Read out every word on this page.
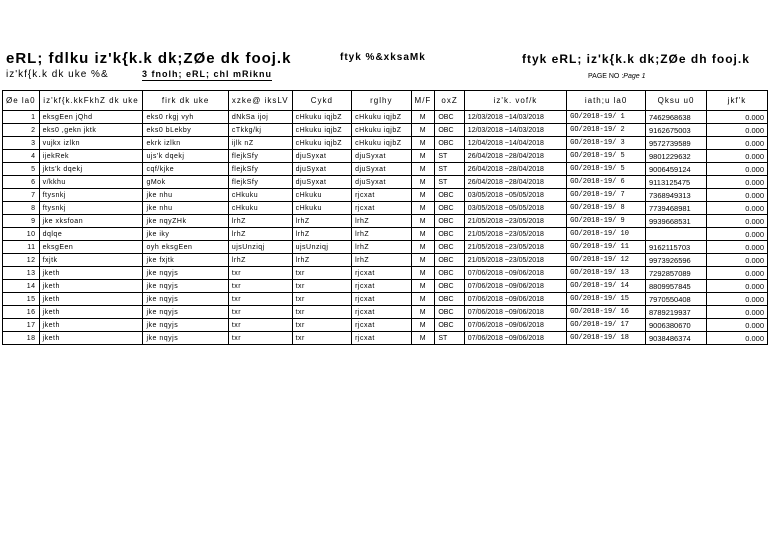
eRL; fdlku iz'k{k.k dk;ZØe dk fooj.k
iz'kf{k.k dk uke %&	3 fnolh; eRL; chl mRiknu
ftyk %&xksaMk	ftyk eRL; iz'k{k.k dk;ZØe dh fooj.k
PAGE NO :Page 1
Øe la0	iz'kf{k.kkFkhZ dk uke	firk dk uke	xzke@ iksLV	Cykd	rglhy	M/F	oxZ	iz'k. vof/k	iath;u la0	Qksu u0	jkf'k
1	eksgEen jQhd	eks0 rkgj vyh	dNkSa ijoj	cHkuku iqjbZ	cHkuku iqjbZ	M	OBC	12/03/2018 ~14/03/2018	GO/2018-19/ 1	7462968638	0.000
2	eks0 ,gekn jktk	eks0 bLekby	cTkkg/kj	cHkuku iqjbZ	cHkuku iqjbZ	M	OBC	12/03/2018 ~14/03/2018	GO/2018-19/ 2	9162675003	0.000
3	vujkx izlkn	ekrk izlkn	ijlk nZ	cHkuku iqjbZ	cHkuku iqjbZ	M	OBC	12/04/2018 ~14/04/2018	GO/2018-19/ 3	9572739589	0.000
4	ijekRek	ujs'k dqekj	flejkSfy	djuSyxat	djuSyxat	M	ST	26/04/2018 ~28/04/2018	GO/2018-19/ 5	9801229632	0.000
5	jkts'k dqekj	cqf/kjke	flejkSfy	djuSyxat	djuSyxat	M	ST	26/04/2018 ~28/04/2018	GO/2018-19/ 5	9006459124	0.000
6	v/kkhu	gMok	flejkSfy	djuSyxat	djuSyxat	M	ST	26/04/2018 ~28/04/2018	GO/2018-19/ 6	9113125475	0.000
7	ftysnkj	jke nhu	cHkuku	cHkuku	rjcxat	M	OBC	03/05/2018 ~05/05/2018	GO/2018-19/ 7	7368949313	0.000
8	ftysnkj	jke nhu	cHkuku	cHkuku	rjcxat	M	OBC	03/05/2018 ~05/05/2018	GO/2018-19/ 8	7739468981	0.000
9	jke xksfoan	jke nqyZHk	lrhZ	lrhZ	lrhZ	M	OBC	21/05/2018 ~23/05/2018	GO/2018-19/ 9	9939668531	0.000
10	dqlqe	jke iky	lrhZ	lrhZ	lrhZ	M	OBC	21/05/2018 ~23/05/2018	GO/2018-19/ 10		0.000
11	eksgEen	oyh eksgEen	ujsUnziqj	ujsUnziqj	lrhZ	M	OBC	21/05/2018 ~23/05/2018	GO/2018-19/ 11	9162115703	0.000
12	fxjtk	jke fxjtk	lrhZ	lrhZ	lrhZ	M	OBC	21/05/2018 ~23/05/2018	GO/2018-19/ 12	9973926596	0.000
13	jketh	jke nqyjs	txr	txr	rjcxat	M	OBC	07/06/2018 ~09/06/2018	GO/2018-19/ 13	7292857089	0.000
14	jketh	jke nqyjs	txr	txr	rjcxat	M	OBC	07/06/2018 ~09/06/2018	GO/2018-19/ 14	8809957845	0.000
15	jketh	jke nqyjs	txr	txr	rjcxat	M	OBC	07/06/2018 ~09/06/2018	GO/2018-19/ 15	7970550408	0.000
16	jketh	jke nqyjs	txr	txr	rjcxat	M	OBC	07/06/2018 ~09/06/2018	GO/2018-19/ 16	8789219937	0.000
17	jketh	jke nqyjs	txr	txr	rjcxat	M	OBC	07/06/2018 ~09/06/2018	GO/2018-19/ 17	9006380670	0.000
18	jketh	jke nqyjs	txr	txr	rjcxat	M	ST	07/06/2018 ~09/06/2018	GO/2018-19/ 18	9038486374	0.000
